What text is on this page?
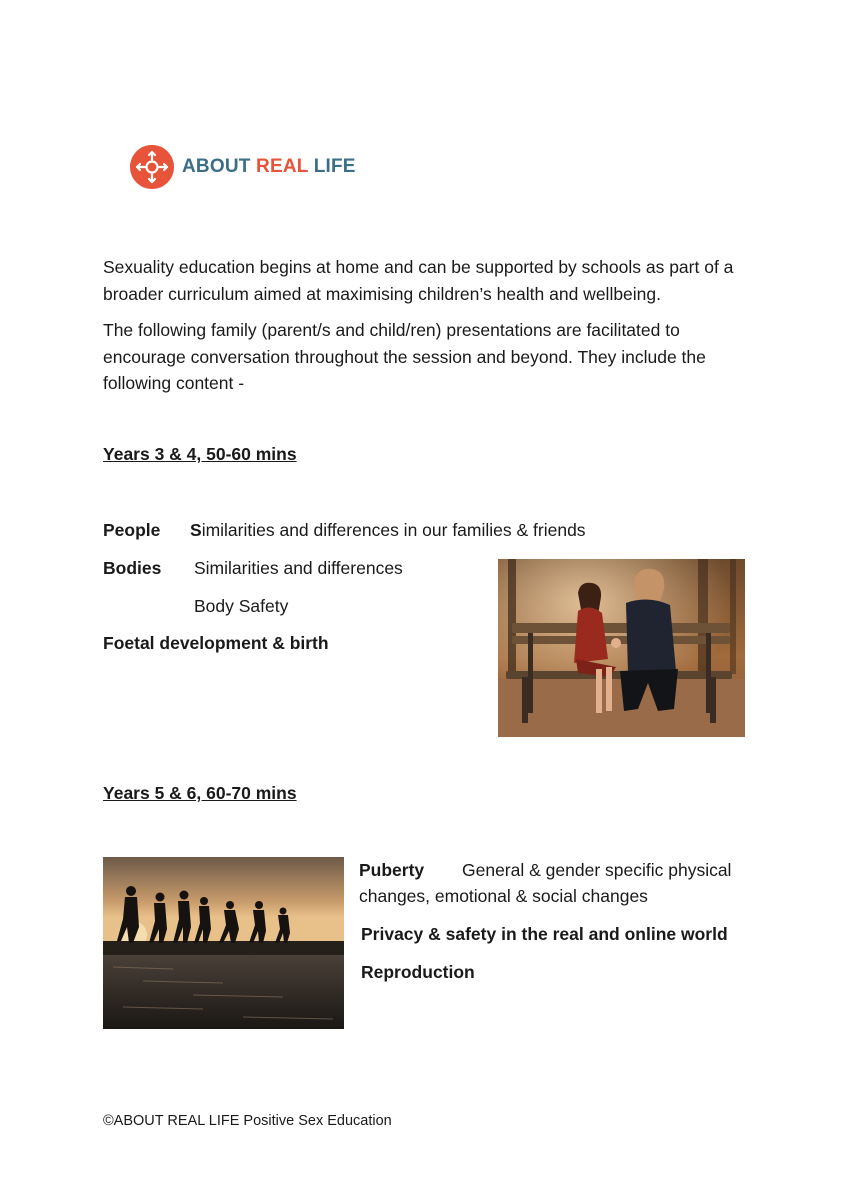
ABOUT REAL LIFE

Sexuality education begins at home and can be supported by schools as part of a broader curriculum aimed at maximising children’s health and wellbeing.

The following family (parent/s and child/ren) presentations are facilitated to encourage conversation throughout the session and beyond. They include the following content -

Years 3 & 4, 50-60 mins

People Similarities and differences in our families & friends

Bodies Similarities and differences

Body Safety

Foetal development & birth

Years 5 & 6, 60-70 mins

Puberty General & gender specific physical

changes, emotional & social changes

Privacy & safety in the real and online world

Reproduction

©ABOUT REAL LIFE Positive Sex Education
